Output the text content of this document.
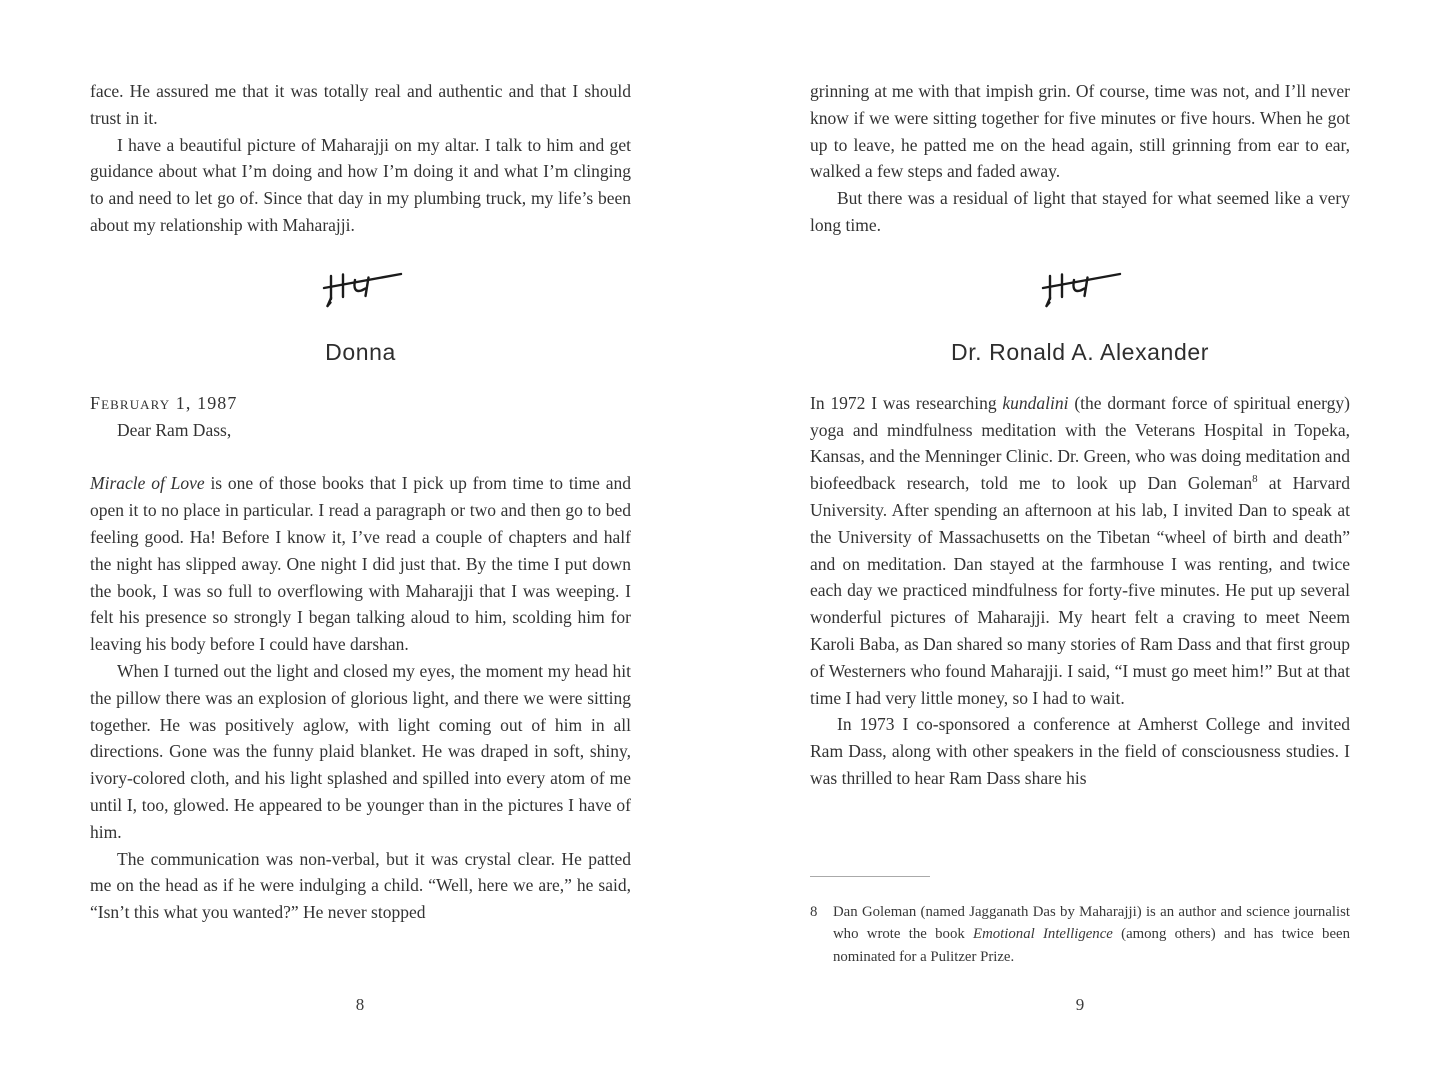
face. He assured me that it was totally real and authentic and that I should trust in it.

I have a beautiful picture of Maharajji on my altar. I talk to him and get guidance about what I’m doing and how I’m doing it and what I’m clinging to and need to let go of. Since that day in my plumbing truck, my life’s been about my relationship with Maharajji.

Donna
February 1, 1987
Dear Ram Dass,

Miracle of Love is one of those books that I pick up from time to time and open it to no place in particular. I read a paragraph or two and then go to bed feeling good. Ha! Before I know it, I’ve read a couple of chapters and half the night has slipped away. One night I did just that. By the time I put down the book, I was so full to overflowing with Maharajji that I was weeping. I felt his presence so strongly I began talking aloud to him, scolding him for leaving his body before I could have darshan.

When I turned out the light and closed my eyes, the moment my head hit the pillow there was an explosion of glorious light, and there we were sitting together. He was positively aglow, with light coming out of him in all directions. Gone was the funny plaid blanket. He was draped in soft, shiny, ivory-colored cloth, and his light splashed and spilled into every atom of me until I, too, glowed. He appeared to be younger than in the pictures I have of him.

The communication was non-verbal, but it was crystal clear. He patted me on the head as if he were indulging a child. “Well, here we are,” he said, “Isn’t this what you wanted?” He never stopped

8

grinning at me with that impish grin. Of course, time was not, and I’ll never know if we were sitting together for five minutes or five hours. When he got up to leave, he patted me on the head again, still grinning from ear to ear, walked a few steps and faded away.

But there was a residual of light that stayed for what seemed like a very long time.

Dr. Ronald A. Alexander

In 1972 I was researching kundalini (the dormant force of spiritual energy) yoga and mindfulness meditation with the Veterans Hospital in Topeka, Kansas, and the Menninger Clinic. Dr. Green, who was doing meditation and biofeedback research, told me to look up Dan Goleman$^8$ at Harvard University. After spending an afternoon at his lab, I invited Dan to speak at the University of Massachusetts on the Tibetan “wheel of birth and death” and on meditation. Dan stayed at the farmhouse I was renting, and twice each day we practiced mindfulness for forty-five minutes. He put up several wonderful pictures of Maharajji. My heart felt a craving to meet Neem Karoli Baba, as Dan shared so many stories of Ram Dass and that first group of Westerners who found Maharajji. I said, “I must go meet him!” But at that time I had very little money, so I had to wait.

In 1973 I co-sponsored a conference at Amherst College and invited Ram Dass, along with other speakers in the field of consciousness studies. I was thrilled to hear Ram Dass share his

8	Dan Goleman (named Jagganath Das by Maharajji) is an author and science journalist who wrote the book Emotional Intelligence (among others) and has twice been nominated for a Pulitzer Prize.
9
